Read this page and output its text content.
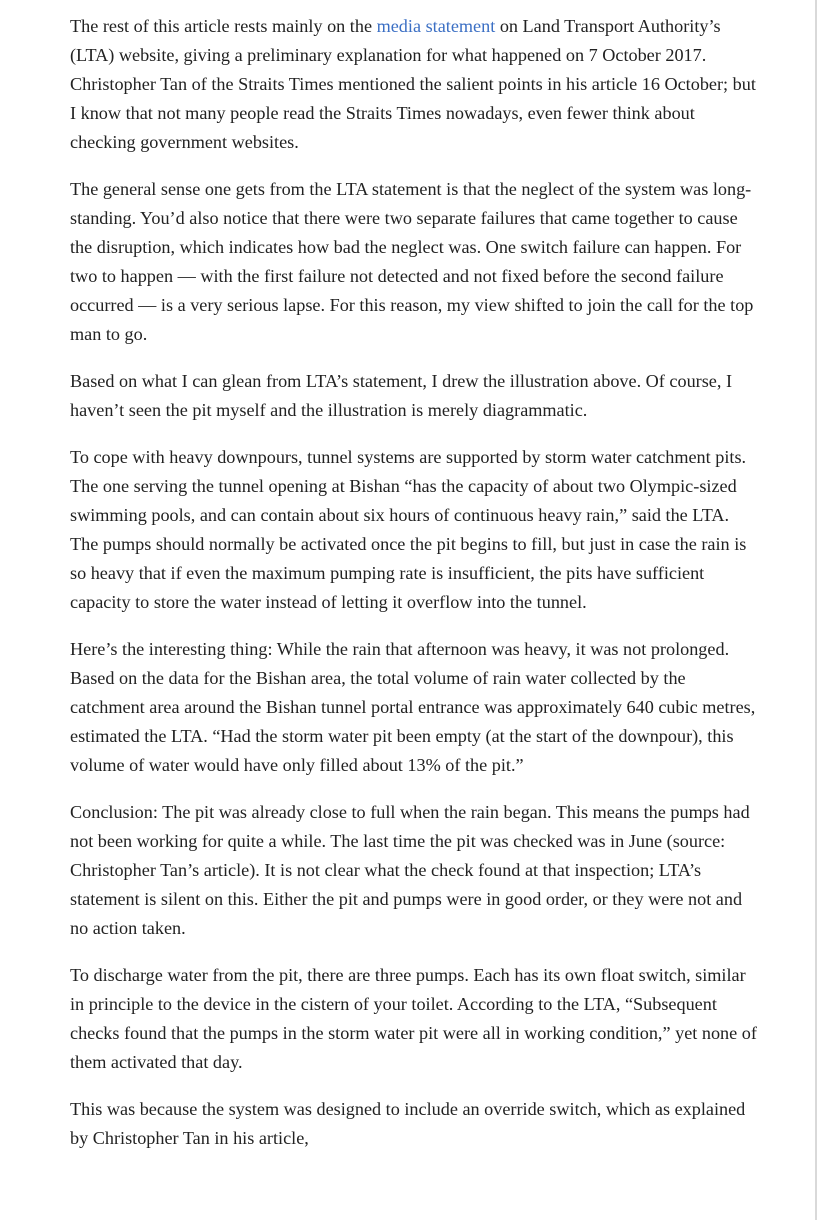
The rest of this article rests mainly on the media statement on Land Transport Authority’s (LTA) website, giving a preliminary explanation for what happened on 7 October 2017. Christopher Tan of the Straits Times mentioned the salient points in his article 16 October; but I know that not many people read the Straits Times nowadays, even fewer think about checking government websites.

The general sense one gets from the LTA statement is that the neglect of the system was long-standing. You’d also notice that there were two separate failures that came together to cause the disruption, which indicates how bad the neglect was. One switch failure can happen. For two to happen — with the first failure not detected and not fixed before the second failure occurred — is a very serious lapse. For this reason, my view shifted to join the call for the top man to go.

Based on what I can glean from LTA’s statement, I drew the illustration above. Of course, I haven’t seen the pit myself and the illustration is merely diagrammatic.

To cope with heavy downpours, tunnel systems are supported by storm water catchment pits. The one serving the tunnel opening at Bishan “has the capacity of about two Olympic-sized swimming pools, and can contain about six hours of continuous heavy rain,” said the LTA. The pumps should normally be activated once the pit begins to fill, but just in case the rain is so heavy that if even the maximum pumping rate is insufficient, the pits have sufficient capacity to store the water instead of letting it overflow into the tunnel.

Here’s the interesting thing: While the rain that afternoon was heavy, it was not prolonged. Based on the data for the Bishan area, the total volume of rain water collected by the catchment area around the Bishan tunnel portal entrance was approximately 640 cubic metres, estimated the LTA. “Had the storm water pit been empty (at the start of the downpour), this volume of water would have only filled about 13% of the pit.”

Conclusion: The pit was already close to full when the rain began. This means the pumps had not been working for quite a while. The last time the pit was checked was in June (source: Christopher Tan’s article). It is not clear what the check found at that inspection; LTA’s statement is silent on this. Either the pit and pumps were in good order, or they were not and no action taken.

To discharge water from the pit, there are three pumps. Each has its own float switch, similar in principle to the device in the cistern of your toilet. According to the LTA, “Subsequent checks found that the pumps in the storm water pit were all in working condition,” yet none of them activated that day.

This was because the system was designed to include an override switch, which as explained by Christopher Tan in his article,
